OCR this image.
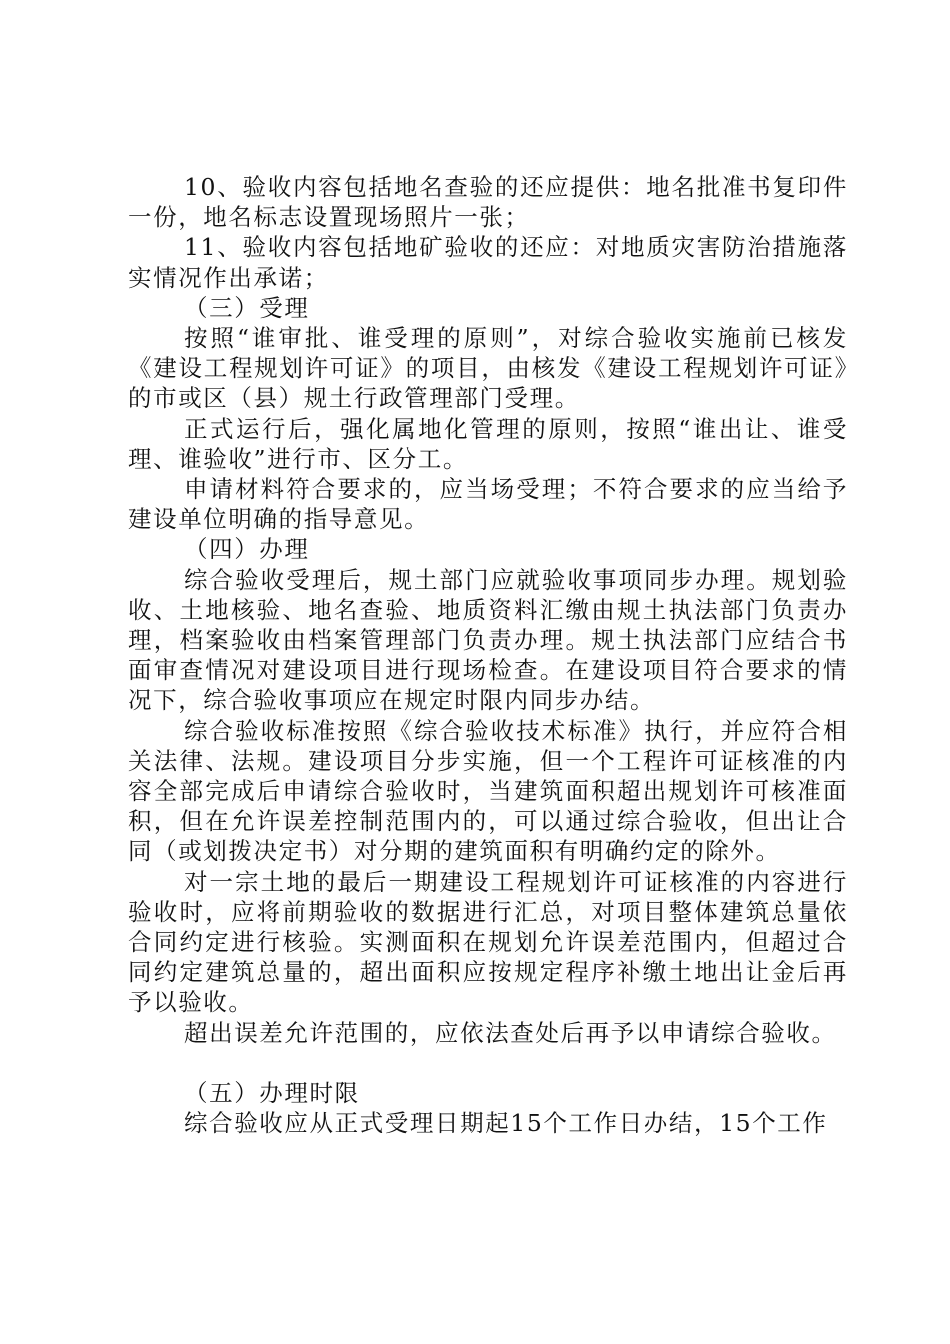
10、验收内容包括地名查验的还应提供：地名批准书复印件一份，地名标志设置现场照片一张；

11、验收内容包括地矿验收的还应：对地质灾害防治措施落实情况作出承诺；

（三）受理

按照“谁审批、谁受理的原则”，对综合验收实施前已核发《建设工程规划许可证》的项目，由核发《建设工程规划许可证》的市或区（县）规土行政管理部门受理。

正式运行后，强化属地化管理的原则，按照“谁出让、谁受理、谁验收”进行市、区分工。

申请材料符合要求的，应当场受理；不符合要求的应当给予建设单位明确的指导意见。

（四）办理

综合验收受理后，规土部门应就验收事项同步办理。规划验收、土地核验、地名查验、地质资料汇缴由规土执法部门负责办理，档案验收由档案管理部门负责办理。规土执法部门应结合书面审查情况对建设项目进行现场检查。在建设项目符合要求的情况下，综合验收事项应在规定时限内同步办结。

综合验收标准按照《综合验收技术标准》执行，并应符合相关法律、法规。建设项目分步实施，但一个工程许可证核准的内容全部完成后申请综合验收时，当建筑面积超出规划许可核准面积，但在允许误差控制范围内的，可以通过综合验收，但出让合同（或划拨决定书）对分期的建筑面积有明确约定的除外。

对一宗土地的最后一期建设工程规划许可证核准的内容进行验收时，应将前期验收的数据进行汇总，对项目整体建筑总量依合同约定进行核验。实测面积在规划允许误差范围内，但超过合同约定建筑总量的，超出面积应按规定程序补缴土地出让金后再予以验收。

超出误差允许范围的，应依法查处后再予以申请综合验收。

（五）办理时限

综合验收应从正式受理日期起15个工作日办结，15个工作
